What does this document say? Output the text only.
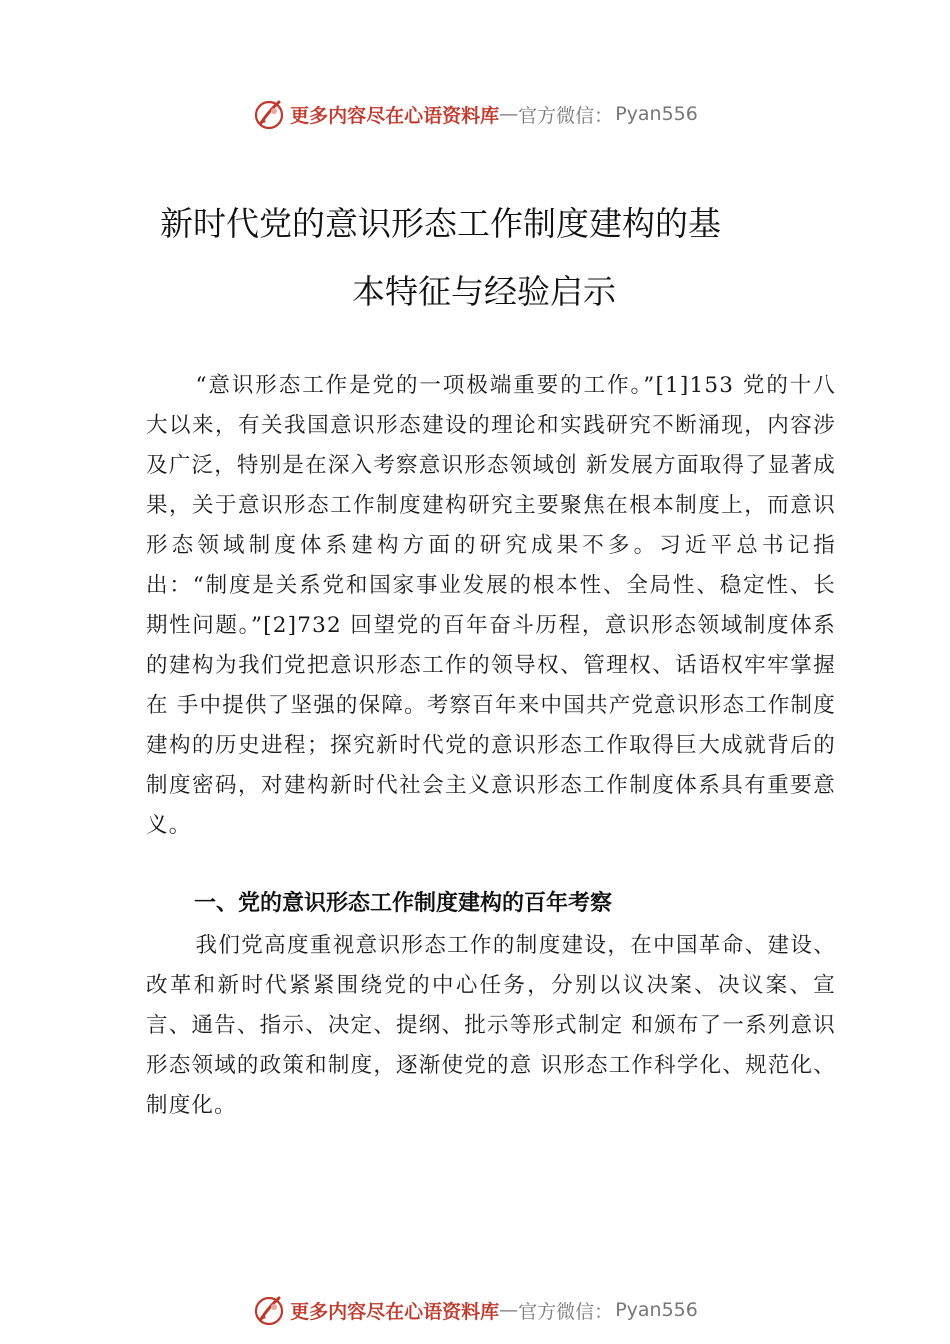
更多内容尽在心语资料库 — 官方微信： Pyan556
新时代党的意识形态工作制度建构的基
本特征与经验启示

“意识形态工作是党的一项极端重要的工作。”[1]153 党的十八大以来，有关我国意识形态建设的理论和实践研究不断涌现，内容涉及广泛，特别是在深入考察意识形态领域创 新发展方面取得了显著成果，关于意识形态工作制度建构研究主要聚焦在根本制度上，而意识形态领域制度体系建构方面的研究成果不多。习近平总书记指出：“制度是关系党和国家事业发展的根本性、全局性、稳定性、长期性问题。”[2]732 回望党的百年奋斗历程，意识形态领域制度体系的建构为我们党把意识形态工作的领导权、管理权、话语权牢牢掌握在 手中提供了坚强的保障。考察百年来中国共产党意识形态工作制度建构的历史进程；探究新时代党的意识形态工作取得巨大成就背后的制度密码，对建构新时代社会主义意识形态工作制度体系具有重要意义。

一、党的意识形态工作制度建构的百年考察

我们党高度重视意识形态工作的制度建设，在中国革命、建设、改革和新时代紧紧围绕党的中心任务，分别以议决案、决议案、宣言、通告、指示、决定、提纲、批示等形式制定 和颁布了一系列意识形态领域的政策和制度，逐渐使党的意 识形态工作科学化、规范化、制度化。

更多内容尽在心语资料库 — 官方微信： Pyan556
